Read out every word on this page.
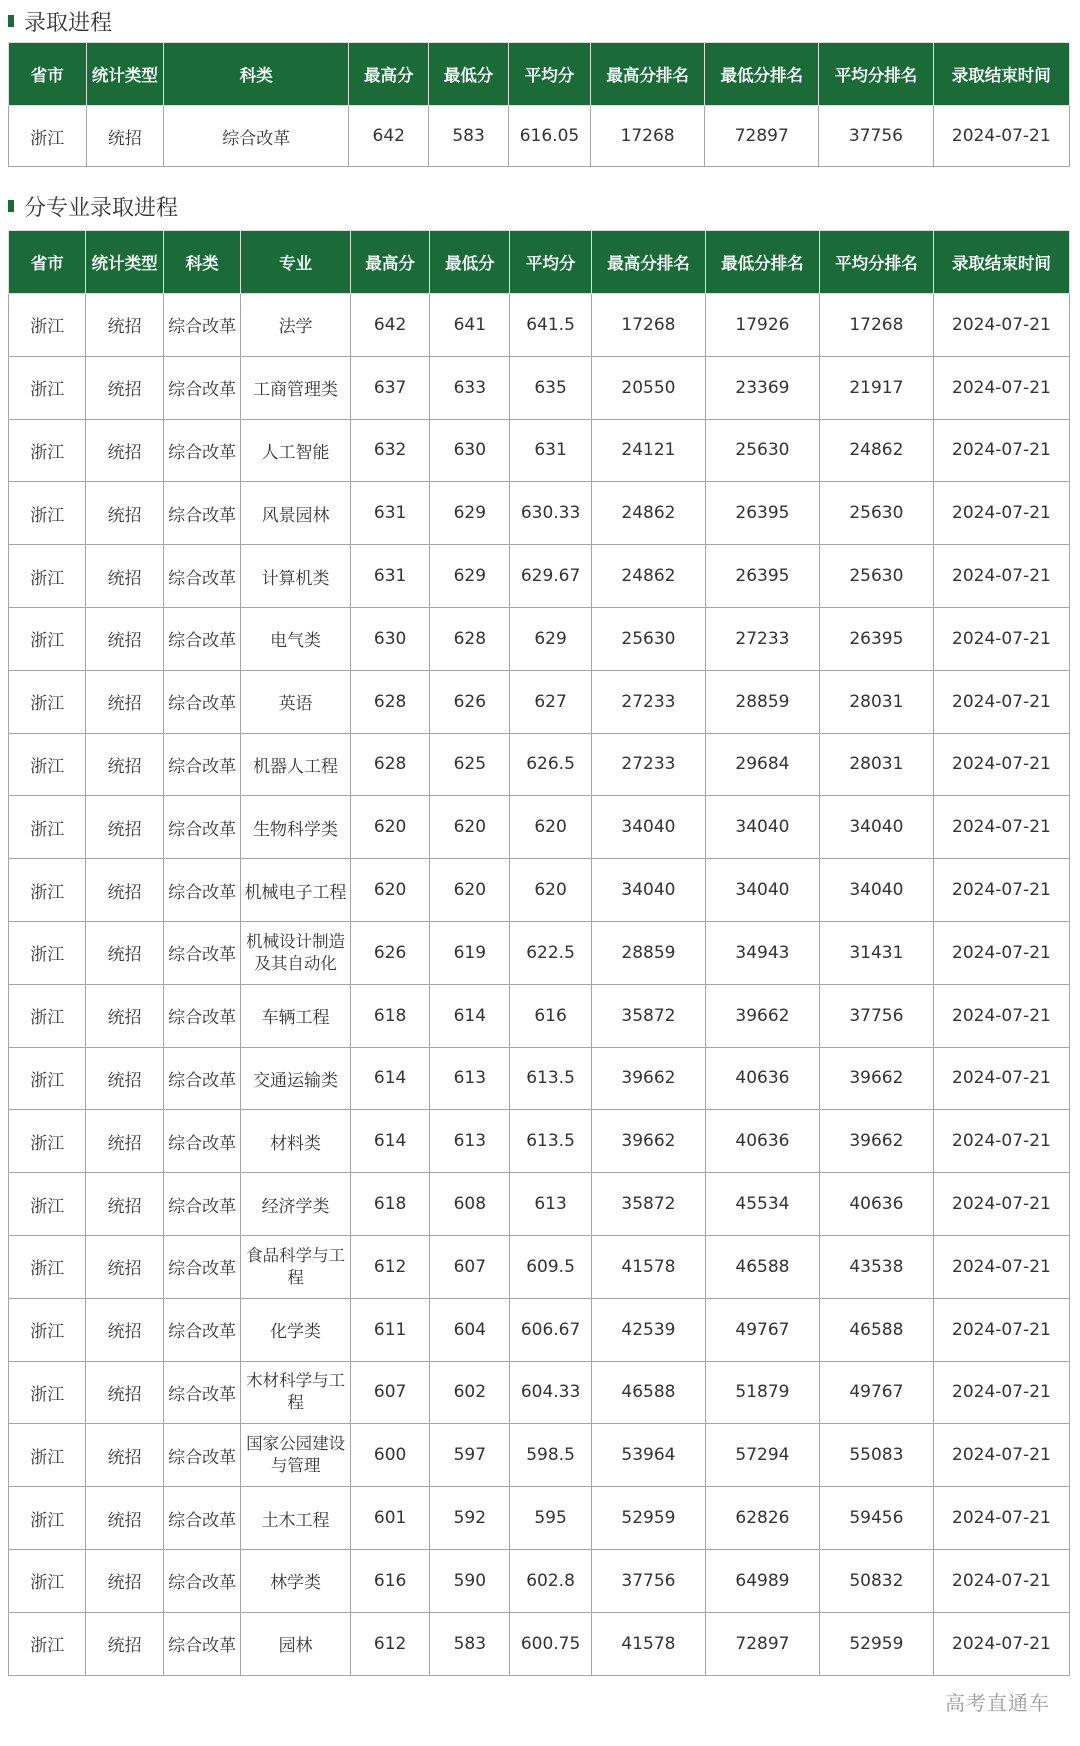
录取进程
省市	统计类型	科类	最高分	最低分	平均分	最高分排名	最低分排名	平均分排名	录取结束时间
浙江	统招	综合改革	642	583	616.05	17268	72897	37756	2024-07-21
分专业录取进程
省市	统计类型	科类	专业	最高分	最低分	平均分	最高分排名	最低分排名	平均分排名	录取结束时间
浙江	统招	综合改革	法学	642	641	641.5	17268	17926	17268	2024-07-21
浙江	统招	综合改革	工商管理类	637	633	635	20550	23369	21917	2024-07-21
浙江	统招	综合改革	人工智能	632	630	631	24121	25630	24862	2024-07-21
浙江	统招	综合改革	风景园林	631	629	630.33	24862	26395	25630	2024-07-21
浙江	统招	综合改革	计算机类	631	629	629.67	24862	26395	25630	2024-07-21
浙江	统招	综合改革	电气类	630	628	629	25630	27233	26395	2024-07-21
浙江	统招	综合改革	英语	628	626	627	27233	28859	28031	2024-07-21
浙江	统招	综合改革	机器人工程	628	625	626.5	27233	29684	28031	2024-07-21
浙江	统招	综合改革	生物科学类	620	620	620	34040	34040	34040	2024-07-21
浙江	统招	综合改革	机械电子工程	620	620	620	34040	34040	34040	2024-07-21
浙江	统招	综合改革	机械设计制造及其自动化	626	619	622.5	28859	34943	31431	2024-07-21
浙江	统招	综合改革	车辆工程	618	614	616	35872	39662	37756	2024-07-21
浙江	统招	综合改革	交通运输类	614	613	613.5	39662	40636	39662	2024-07-21
浙江	统招	综合改革	材料类	614	613	613.5	39662	40636	39662	2024-07-21
浙江	统招	综合改革	经济学类	618	608	613	35872	45534	40636	2024-07-21
浙江	统招	综合改革	食品科学与工程	612	607	609.5	41578	46588	43538	2024-07-21
浙江	统招	综合改革	化学类	611	604	606.67	42539	49767	46588	2024-07-21
浙江	统招	综合改革	木材科学与工程	607	602	604.33	46588	51879	49767	2024-07-21
浙江	统招	综合改革	国家公园建设与管理	600	597	598.5	53964	57294	55083	2024-07-21
浙江	统招	综合改革	土木工程	601	592	595	52959	62826	59456	2024-07-21
浙江	统招	综合改革	林学类	616	590	602.8	37756	64989	50832	2024-07-21
浙江	统招	综合改革	园林	612	583	600.75	41578	72897	52959	2024-07-21
高考直通车
